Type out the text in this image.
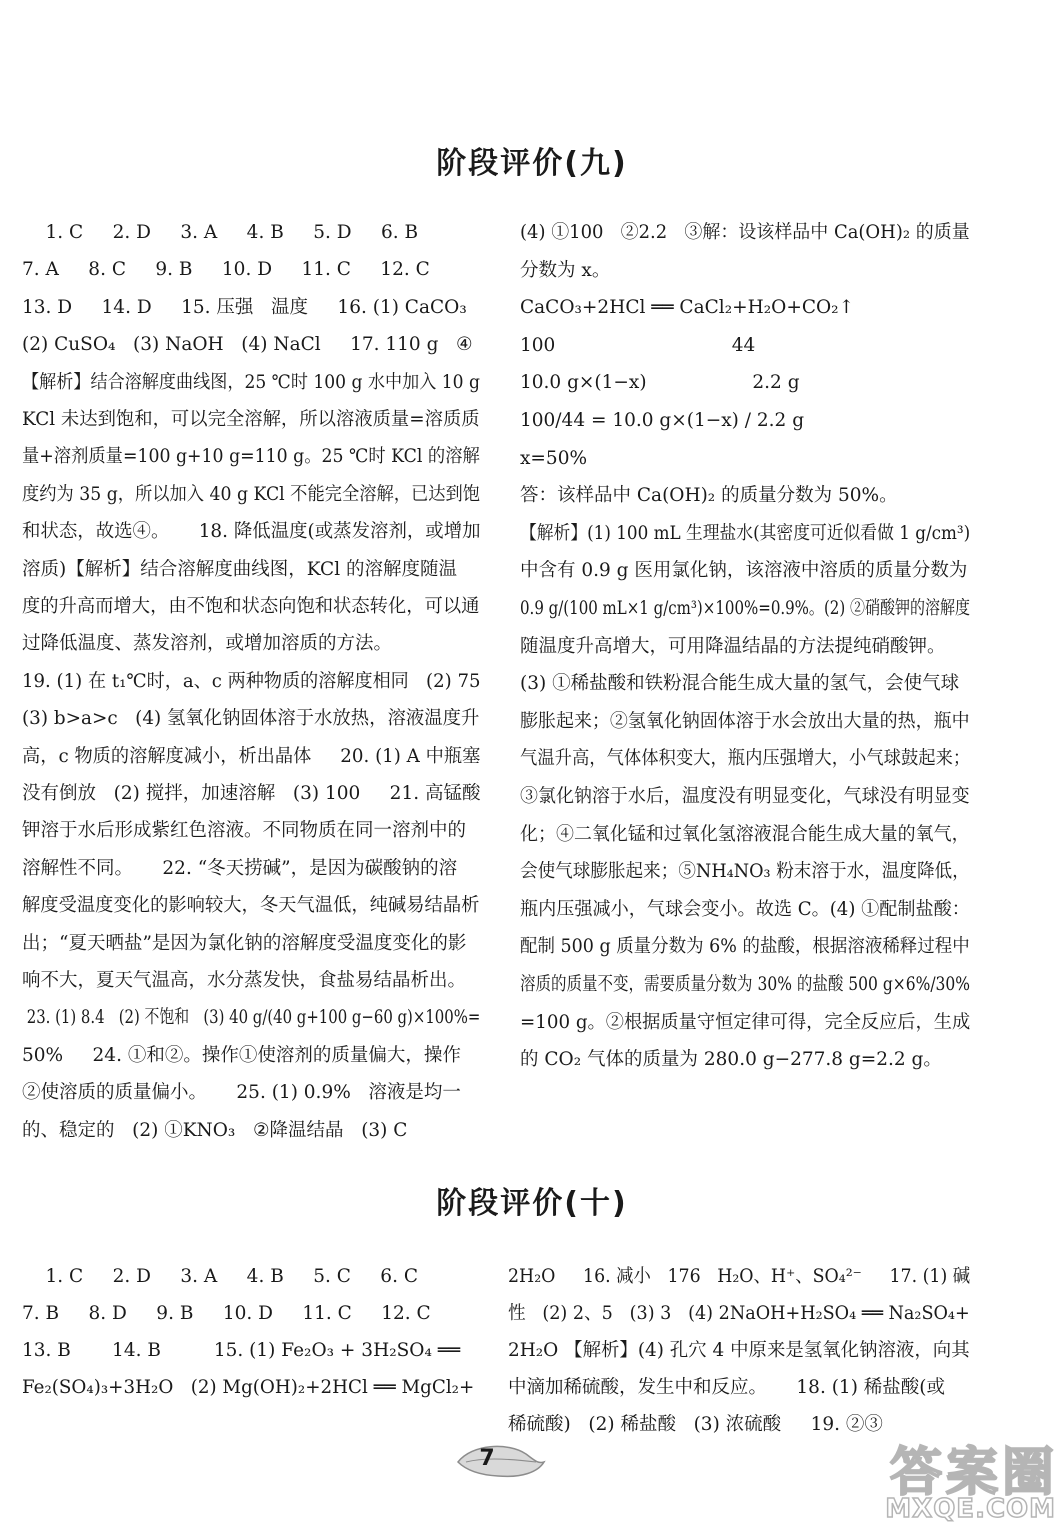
阶段评价(九)
1. C     2. D     3. A     4. B     5. D     6. B
7. A     8. C     9. B     10. D     11. C     12. C
13. D     14. D     15. 压强   温度     16. (1) CaCO₃
(2) CuSO₄   (3) NaOH   (4) NaCl     17. 110 g   ④
【解析】结合溶解度曲线图，25 ℃时 100 g 水中加入 10 g
KCl 未达到饱和，可以完全溶解，所以溶液质量=溶质质
量+溶剂质量=100 g+10 g=110 g。25 ℃时 KCl 的溶解
度约为 35 g，所以加入 40 g KCl 不能完全溶解，已达到饱
和状态，故选④。     18. 降低温度(或蒸发溶剂，或增加
溶质)【解析】结合溶解度曲线图，KCl 的溶解度随温
度的升高而增大，由不饱和状态向饱和状态转化，可以通
过降低温度、蒸发溶剂，或增加溶质的方法。
19. (1) 在 t₁℃时，a、c 两种物质的溶解度相同   (2) 75
(3) b>a>c   (4) 氢氧化钠固体溶于水放热，溶液温度升
高，c 物质的溶解度减小，析出晶体     20. (1) A 中瓶塞
没有倒放   (2) 搅拌，加速溶解   (3) 100     21. 高锰酸
钾溶于水后形成紫红色溶液。不同物质在同一溶剂中的
溶解性不同。     22. “冬天捞碱”，是因为碳酸钠的溶
解度受温度变化的影响较大，冬天气温低，纯碱易结晶析
出；“夏天晒盐”是因为氯化钠的溶解度受温度变化的影
响不大，夏天气温高，水分蒸发快，食盐易结晶析出。
23. (1) 8.4   (2) 不饱和   (3) 40 g/(40 g+100 g−60 g)×100%=
50%     24. ①和②。操作①使溶剂的质量偏大，操作
②使溶质的质量偏小。     25. (1) 0.9%   溶液是均一
的、稳定的   (2) ①KNO₃   ②降温结晶   (3) C
(4) ①100   ②2.2   ③解：设该样品中 Ca(OH)₂ 的质量
分数为 x。
CaCO₃+2HCl ══ CaCl₂+H₂O+CO₂↑
100                              44
10.0 g×(1−x)                  2.2 g
100/44 = 10.0 g×(1−x) / 2.2 g
x=50%
答：该样品中 Ca(OH)₂ 的质量分数为 50%。
【解析】(1) 100 mL 生理盐水(其密度可近似看做 1 g/cm³)
中含有 0.9 g 医用氯化钠，该溶液中溶质的质量分数为
0.9 g/(100 mL×1 g/cm³)×100%=0.9%。(2) ②硝酸钾的溶解度
随温度升高增大，可用降温结晶的方法提纯硝酸钾。
(3) ①稀盐酸和铁粉混合能生成大量的氢气，会使气球
膨胀起来；②氢氧化钠固体溶于水会放出大量的热，瓶中
气温升高，气体体积变大，瓶内压强增大，小气球鼓起来；
③氯化钠溶于水后，温度没有明显变化，气球没有明显变
化；④二氧化锰和过氧化氢溶液混合能生成大量的氧气，
会使气球膨胀起来；⑤NH₄NO₃ 粉末溶于水，温度降低，
瓶内压强减小，气球会变小。故选 C。(4) ①配制盐酸：
配制 500 g 质量分数为 6% 的盐酸，根据溶液稀释过程中
溶质的质量不变，需要质量分数为 30% 的盐酸 500 g×6%/30%
=100 g。②根据质量守恒定律可得，完全反应后，生成
的 CO₂ 气体的质量为 280.0 g−277.8 g=2.2 g。
阶段评价(十)
1. C     2. D     3. A     4. B     5. C     6. C
7. B     8. D     9. B     10. D     11. C     12. C
13. B       14. B         15. (1) Fe₂O₃ + 3H₂SO₄ ══
Fe₂(SO₄)₃+3H₂O   (2) Mg(OH)₂+2HCl ══ MgCl₂+
2H₂O     16. 减小   176   H₂O、H⁺、SO₄²⁻     17. (1) 碱
性   (2) 2、5   (3) 3   (4) 2NaOH+H₂SO₄ ══ Na₂SO₄+
2H₂O 【解析】(4) 孔穴 4 中原来是氢氧化钠溶液，向其
中滴加稀硫酸，发生中和反应。     18. (1) 稀盐酸(或
稀硫酸)   (2) 稀盐酸   (3) 浓硫酸     19. ②③
7	答案圈
MXQE.COM
